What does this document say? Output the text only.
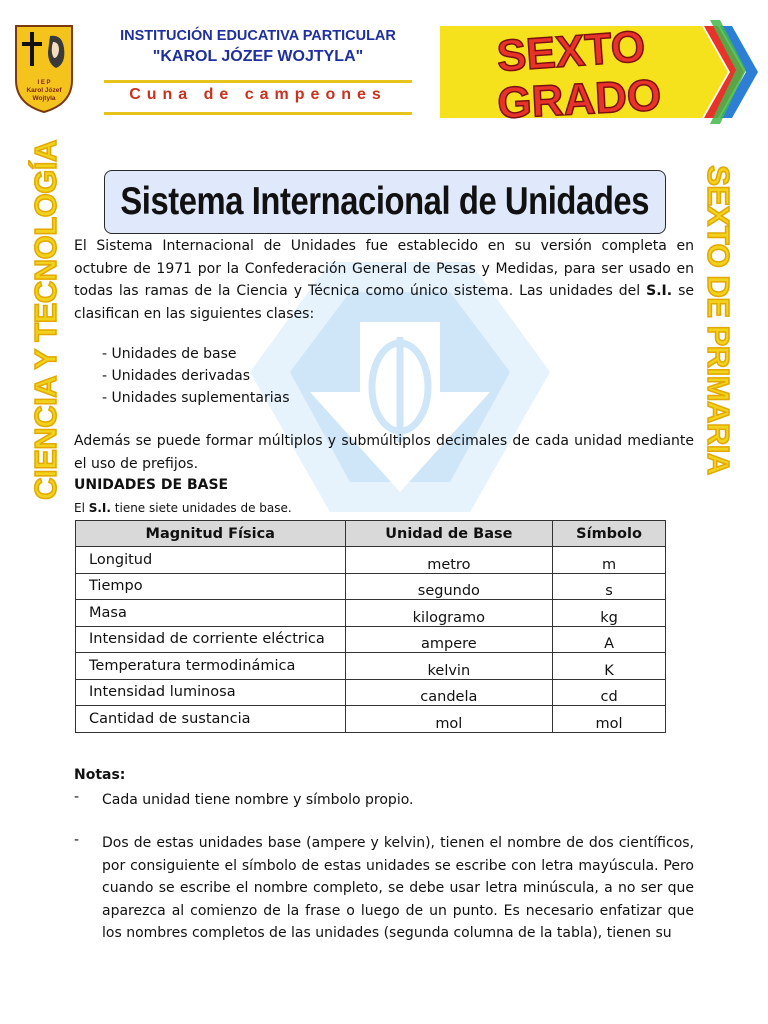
I E P
Karol Józef
Wojtyla
INSTITUCIÓN EDUCATIVA PARTICULAR
"KAROL JÓZEF WOJTYLA"
Cuna de campeones
SEXTO
GRADO
CIENCIA Y TECNOLOGÍA	SEXTO DE PRIMARIA
Sistema Internacional de Unidades
El Sistema Internacional de Unidades fue establecido en su versión completa en octubre de 1971 por la Confederación General de Pesas y Medidas, para ser usado en todas las ramas de la Ciencia y Técnica como único sistema. Las unidades del S.I. se clasifican en las siguientes clases:
- Unidades de base
- Unidades derivadas
- Unidades suplementarias
Además se puede formar múltiplos y submúltiplos decimales de cada unidad mediante el uso de prefijos.
UNIDADES DE BASE
El S.I. tiene siete unidades de base.
Magnitud Física	Unidad de Base	Símbolo
Longitud	metro	m
Tiempo	segundo	s
Masa	kilogramo	kg
Intensidad de corriente eléctrica	ampere	A
Temperatura termodinámica	kelvin	K
Intensidad luminosa	candela	cd
Cantidad de sustancia	mol	mol
Notas:
- Cada unidad tiene nombre y símbolo propio.
- Dos de estas unidades base (ampere y kelvin), tienen el nombre de dos científicos, por consiguiente el símbolo de estas unidades se escribe con letra mayúscula. Pero cuando se escribe el nombre completo, se debe usar letra minúscula, a no ser que aparezca al comienzo de la frase o luego de un punto. Es necesario enfatizar que los nombres completos de las unidades (segunda columna de la tabla), tienen su
